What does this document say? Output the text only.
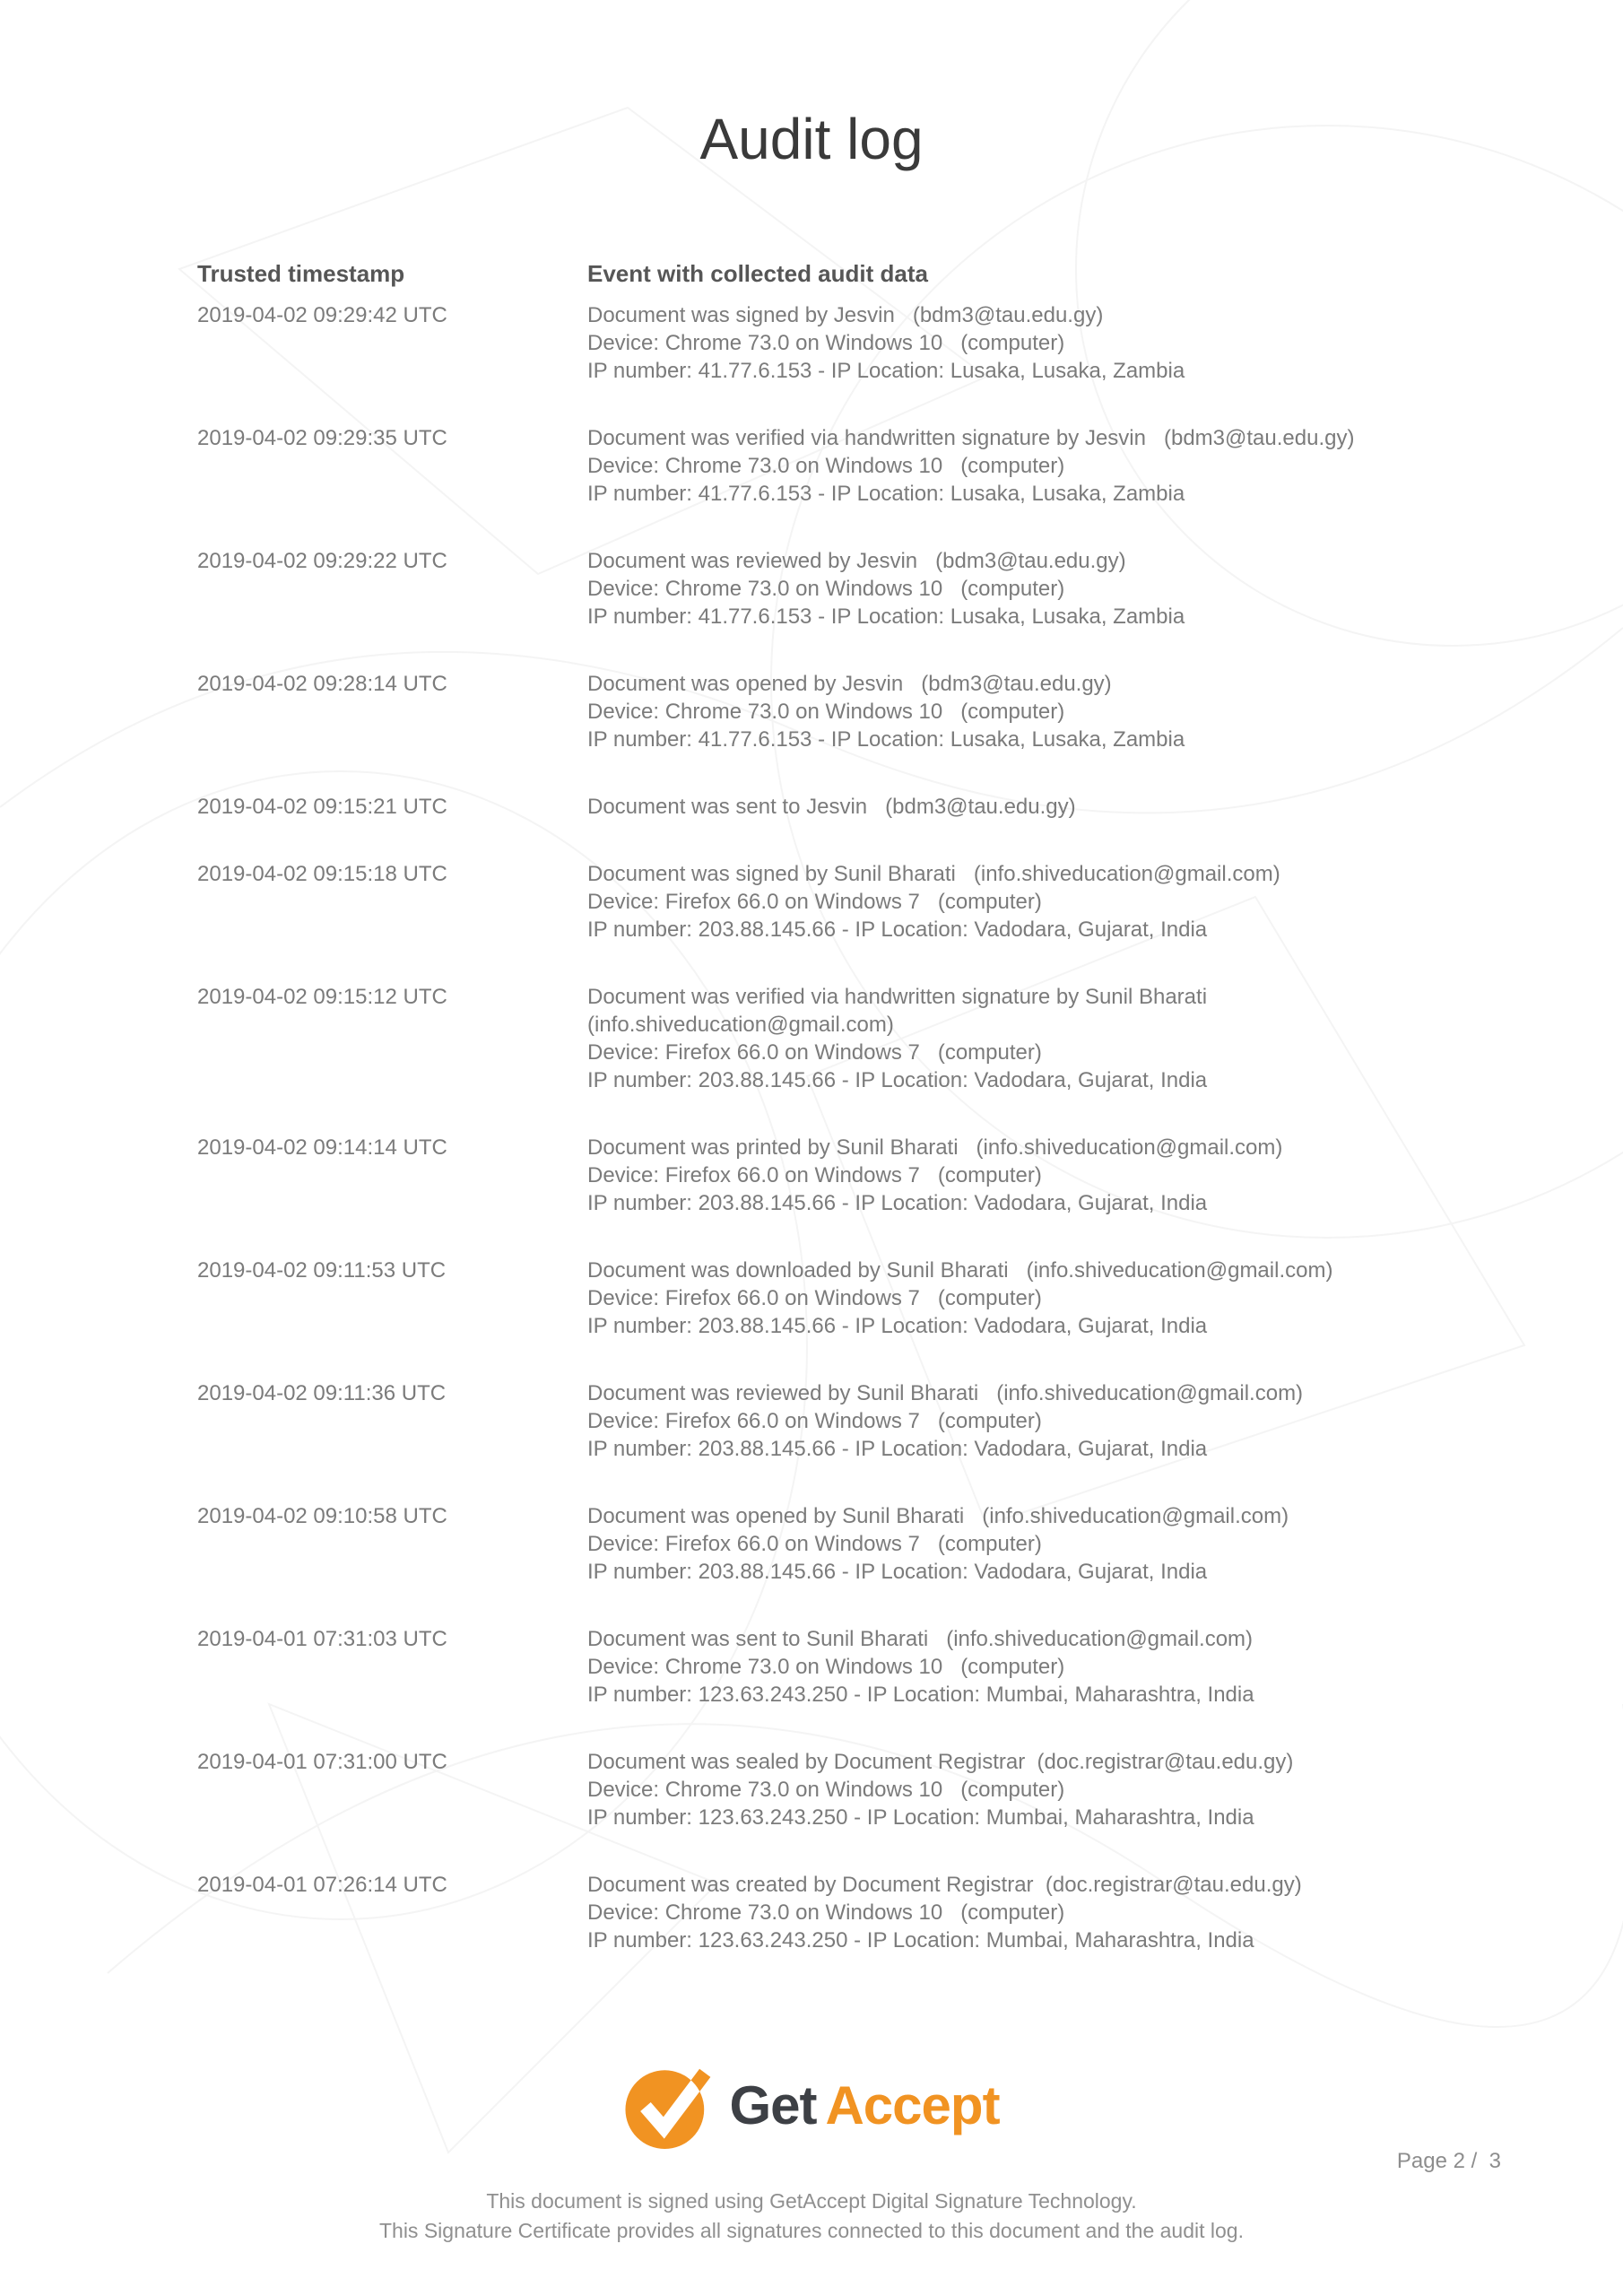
Audit log
Trusted timestamp	Event with collected audit data
2019-04-02 09:29:42 UTC	Document was signed by Jesvin   (bdm3@tau.edu.gy)
Device: Chrome 73.0 on Windows 10   (computer)
IP number: 41.77.6.153 - IP Location: Lusaka, Lusaka, Zambia
2019-04-02 09:29:35 UTC	Document was verified via handwritten signature by Jesvin   (bdm3@tau.edu.gy)
Device: Chrome 73.0 on Windows 10   (computer)
IP number: 41.77.6.153 - IP Location: Lusaka, Lusaka, Zambia
2019-04-02 09:29:22 UTC	Document was reviewed by Jesvin   (bdm3@tau.edu.gy)
Device: Chrome 73.0 on Windows 10   (computer)
IP number: 41.77.6.153 - IP Location: Lusaka, Lusaka, Zambia
2019-04-02 09:28:14 UTC	Document was opened by Jesvin   (bdm3@tau.edu.gy)
Device: Chrome 73.0 on Windows 10   (computer)
IP number: 41.77.6.153 - IP Location: Lusaka, Lusaka, Zambia
2019-04-02 09:15:21 UTC	Document was sent to Jesvin   (bdm3@tau.edu.gy)
2019-04-02 09:15:18 UTC	Document was signed by Sunil Bharati   (info.shiveducation@gmail.com)
Device: Firefox 66.0 on Windows 7   (computer)
IP number: 203.88.145.66 - IP Location: Vadodara, Gujarat, India
2019-04-02 09:15:12 UTC	Document was verified via handwritten signature by Sunil Bharati
(info.shiveducation@gmail.com)
Device: Firefox 66.0 on Windows 7   (computer)
IP number: 203.88.145.66 - IP Location: Vadodara, Gujarat, India
2019-04-02 09:14:14 UTC	Document was printed by Sunil Bharati   (info.shiveducation@gmail.com)
Device: Firefox 66.0 on Windows 7   (computer)
IP number: 203.88.145.66 - IP Location: Vadodara, Gujarat, India
2019-04-02 09:11:53 UTC	Document was downloaded by Sunil Bharati   (info.shiveducation@gmail.com)
Device: Firefox 66.0 on Windows 7   (computer)
IP number: 203.88.145.66 - IP Location: Vadodara, Gujarat, India
2019-04-02 09:11:36 UTC	Document was reviewed by Sunil Bharati   (info.shiveducation@gmail.com)
Device: Firefox 66.0 on Windows 7   (computer)
IP number: 203.88.145.66 - IP Location: Vadodara, Gujarat, India
2019-04-02 09:10:58 UTC	Document was opened by Sunil Bharati   (info.shiveducation@gmail.com)
Device: Firefox 66.0 on Windows 7   (computer)
IP number: 203.88.145.66 - IP Location: Vadodara, Gujarat, India
2019-04-01 07:31:03 UTC	Document was sent to Sunil Bharati   (info.shiveducation@gmail.com)
Device: Chrome 73.0 on Windows 10   (computer)
IP number: 123.63.243.250 - IP Location: Mumbai, Maharashtra, India
2019-04-01 07:31:00 UTC	Document was sealed by Document Registrar  (doc.registrar@tau.edu.gy)
Device: Chrome 73.0 on Windows 10   (computer)
IP number: 123.63.243.250 - IP Location: Mumbai, Maharashtra, India
2019-04-01 07:26:14 UTC	Document was created by Document Registrar  (doc.registrar@tau.edu.gy)
Device: Chrome 73.0 on Windows 10   (computer)
IP number: 123.63.243.250 - IP Location: Mumbai, Maharashtra, India
Get Accept
Page 2 /  3
This document is signed using GetAccept Digital Signature Technology.
This Signature Certificate provides all signatures connected to this document and the audit log.
